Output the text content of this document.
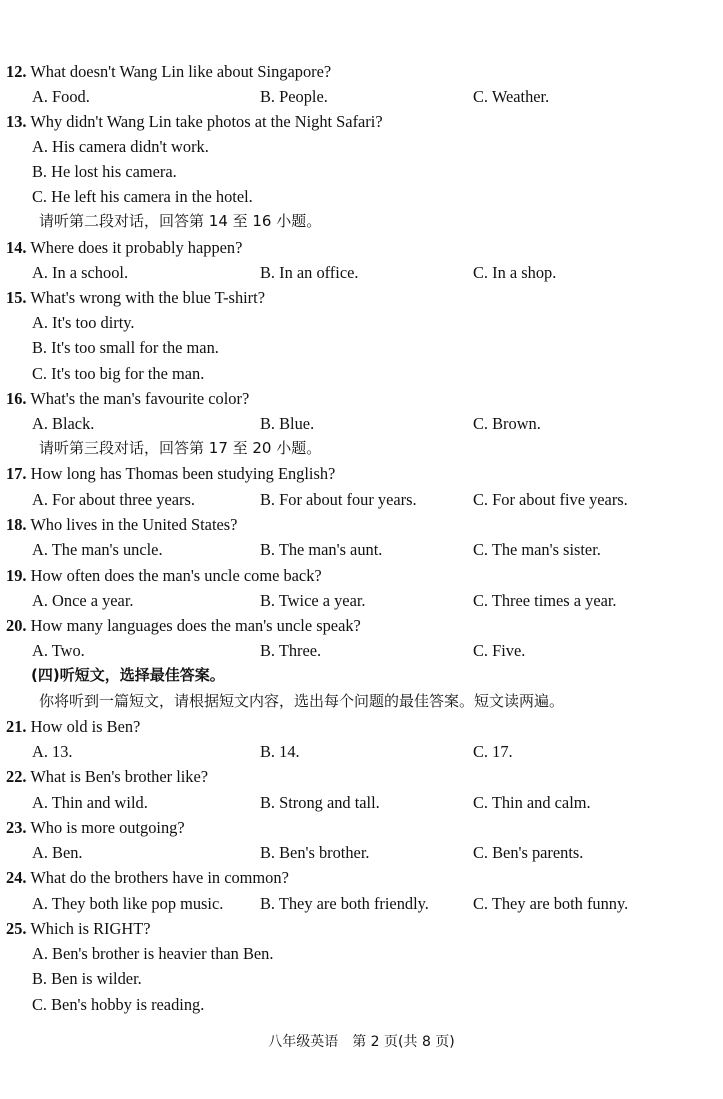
12. What doesn't Wang Lin like about Singapore?
A. Food.	B. People.	C. Weather.
13. Why didn't Wang Lin take photos at the Night Safari?
A. His camera didn't work.
B. He lost his camera.
C. He left his camera in the hotel.
请听第二段对话，回答第 14 至 16 小题。
14. Where does it probably happen?
A. In a school.	B. In an office.	C. In a shop.
15. What's wrong with the blue T-shirt?
A. It's too dirty.
B. It's too small for the man.
C. It's too big for the man.
16. What's the man's favourite color?
A. Black.	B. Blue.	C. Brown.
请听第三段对话，回答第 17 至 20 小题。
17. How long has Thomas been studying English?
A. For about three years.	B. For about four years.	C. For about five years.
18. Who lives in the United States?
A. The man's uncle.	B. The man's aunt.	C. The man's sister.
19. How often does the man's uncle come back?
A. Once a year.	B. Twice a year.	C. Three times a year.
20. How many languages does the man's uncle speak?
A. Two.	B. Three.	C. Five.
(四)听短文，选择最佳答案。
你将听到一篇短文，请根据短文内容，选出每个问题的最佳答案。短文读两遍。
21. How old is Ben?
A. 13.	B. 14.	C. 17.
22. What is Ben's brother like?
A. Thin and wild.	B. Strong and tall.	C. Thin and calm.
23. Who is more outgoing?
A. Ben.	B. Ben's brother.	C. Ben's parents.
24. What do the brothers have in common?
A. They both like pop music. B. They are both friendly.	C. They are both funny.
25. Which is RIGHT?
A. Ben's brother is heavier than Ben.
B. Ben is wilder.
C. Ben's hobby is reading.
八年级英语　第 2 页(共 8 页)
